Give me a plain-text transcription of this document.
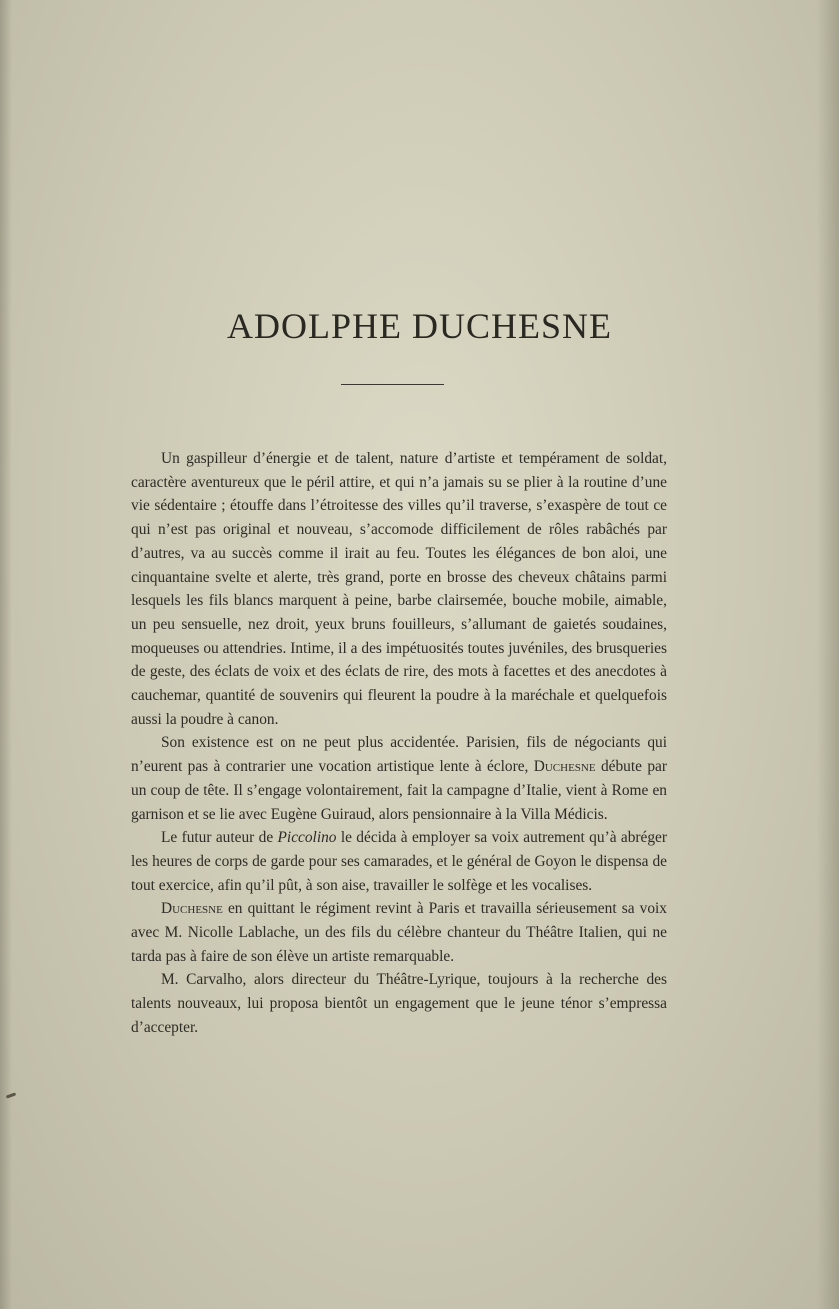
ADOLPHE DUCHESNE

Un gaspilleur d’énergie et de talent, nature d’artiste et tempérament de soldat, caractère aventureux que le péril attire, et qui n’a jamais su se plier à la routine d’une vie sédentaire ; étouffe dans l’étroitesse des villes qu’il traverse, s’exaspère de tout ce qui n’est pas original et nouveau, s’accomode difficilement de rôles rabâchés par d’autres, va au succès comme il irait au feu. Toutes les élégances de bon aloi, une cinquantaine svelte et alerte, très grand, porte en brosse des cheveux châtains parmi lesquels les fils blancs marquent à peine, barbe clairsemée, bouche mobile, aimable, un peu sensuelle, nez droit, yeux bruns fouilleurs, s’allumant de gaietés soudaines, moqueuses ou attendries. Intime, il a des impétuosités toutes juvéniles, des brusqueries de geste, des éclats de voix et des éclats de rire, des mots à facettes et des anecdotes à cauchemar, quantité de souvenirs qui fleurent la poudre à la maréchale et quelquefois aussi la poudre à canon.

Son existence est on ne peut plus accidentée. Parisien, fils de négociants qui n’eurent pas à contrarier une vocation artistique lente à éclore, Duchesne débute par un coup de tête. Il s’engage volontairement, fait la campagne d’Italie, vient à Rome en garnison et se lie avec Eugène Guiraud, alors pensionnaire à la Villa Médicis.

Le futur auteur de Piccolino le décida à employer sa voix autrement qu’à abréger les heures de corps de garde pour ses camarades, et le général de Goyon le dispensa de tout exercice, afin qu’il pût, à son aise, travailler le solfège et les vocalises.

Duchesne en quittant le régiment revint à Paris et travailla sérieusement sa voix avec M. Nicolle Lablache, un des fils du célèbre chanteur du Théâtre Italien, qui ne tarda pas à faire de son élève un artiste remarquable.

M. Carvalho, alors directeur du Théâtre-Lyrique, toujours à la recherche des talents nouveaux, lui proposa bientôt un engagement que le jeune ténor s’empressa d’accepter.
